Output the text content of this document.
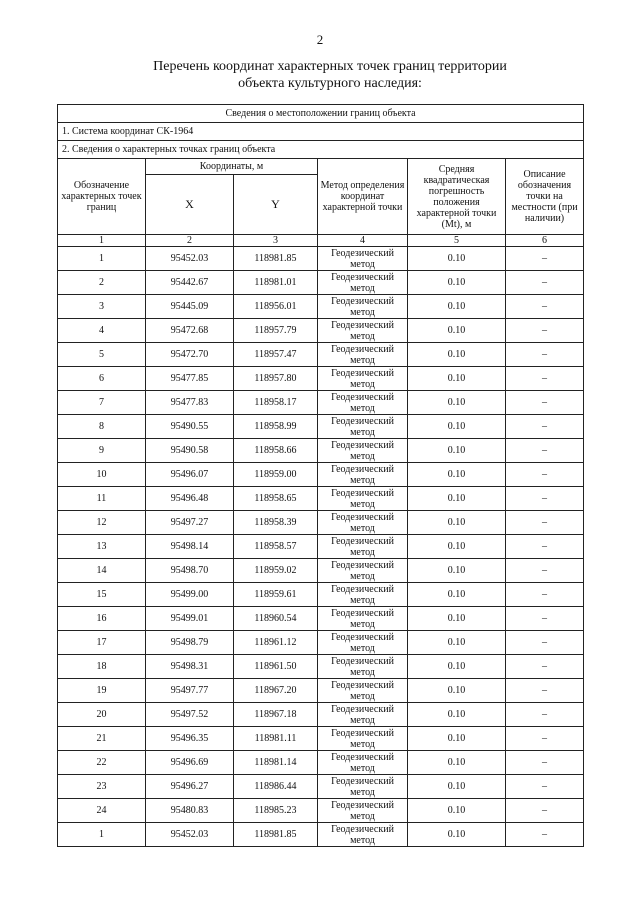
2
Перечень координат характерных точек границ территории
объекта культурного наследия:
Сведения о местоположении границ объекта					
1. Система координат СК-1964					
2. Сведения о характерных точках границ объекта					
Обозначение характерных точек границ	Координаты, м		Метод определения координат характерной точки	Средняя квадратическая погрешность положения характерной точки (Mt), м	Описание обозначения точки на местности (при наличии)
	X	Y			
1	2	3	4	5	6
1	95452.03	118981.85	Геодезический метод	0.10	–
2	95442.67	118981.01	Геодезический метод	0.10	–
3	95445.09	118956.01	Геодезический метод	0.10	–
4	95472.68	118957.79	Геодезический метод	0.10	–
5	95472.70	118957.47	Геодезический метод	0.10	–
6	95477.85	118957.80	Геодезический метод	0.10	–
7	95477.83	118958.17	Геодезический метод	0.10	–
8	95490.55	118958.99	Геодезический метод	0.10	–
9	95490.58	118958.66	Геодезический метод	0.10	–
10	95496.07	118959.00	Геодезический метод	0.10	–
11	95496.48	118958.65	Геодезический метод	0.10	–
12	95497.27	118958.39	Геодезический метод	0.10	–
13	95498.14	118958.57	Геодезический метод	0.10	–
14	95498.70	118959.02	Геодезический метод	0.10	–
15	95499.00	118959.61	Геодезический метод	0.10	–
16	95499.01	118960.54	Геодезический метод	0.10	–
17	95498.79	118961.12	Геодезический метод	0.10	–
18	95498.31	118961.50	Геодезический метод	0.10	–
19	95497.77	118967.20	Геодезический метод	0.10	–
20	95497.52	118967.18	Геодезический метод	0.10	–
21	95496.35	118981.11	Геодезический метод	0.10	–
22	95496.69	118981.14	Геодезический метод	0.10	–
23	95496.27	118986.44	Геодезический метод	0.10	–
24	95480.83	118985.23	Геодезический метод	0.10	–
1	95452.03	118981.85	Геодезический метод	0.10	–
